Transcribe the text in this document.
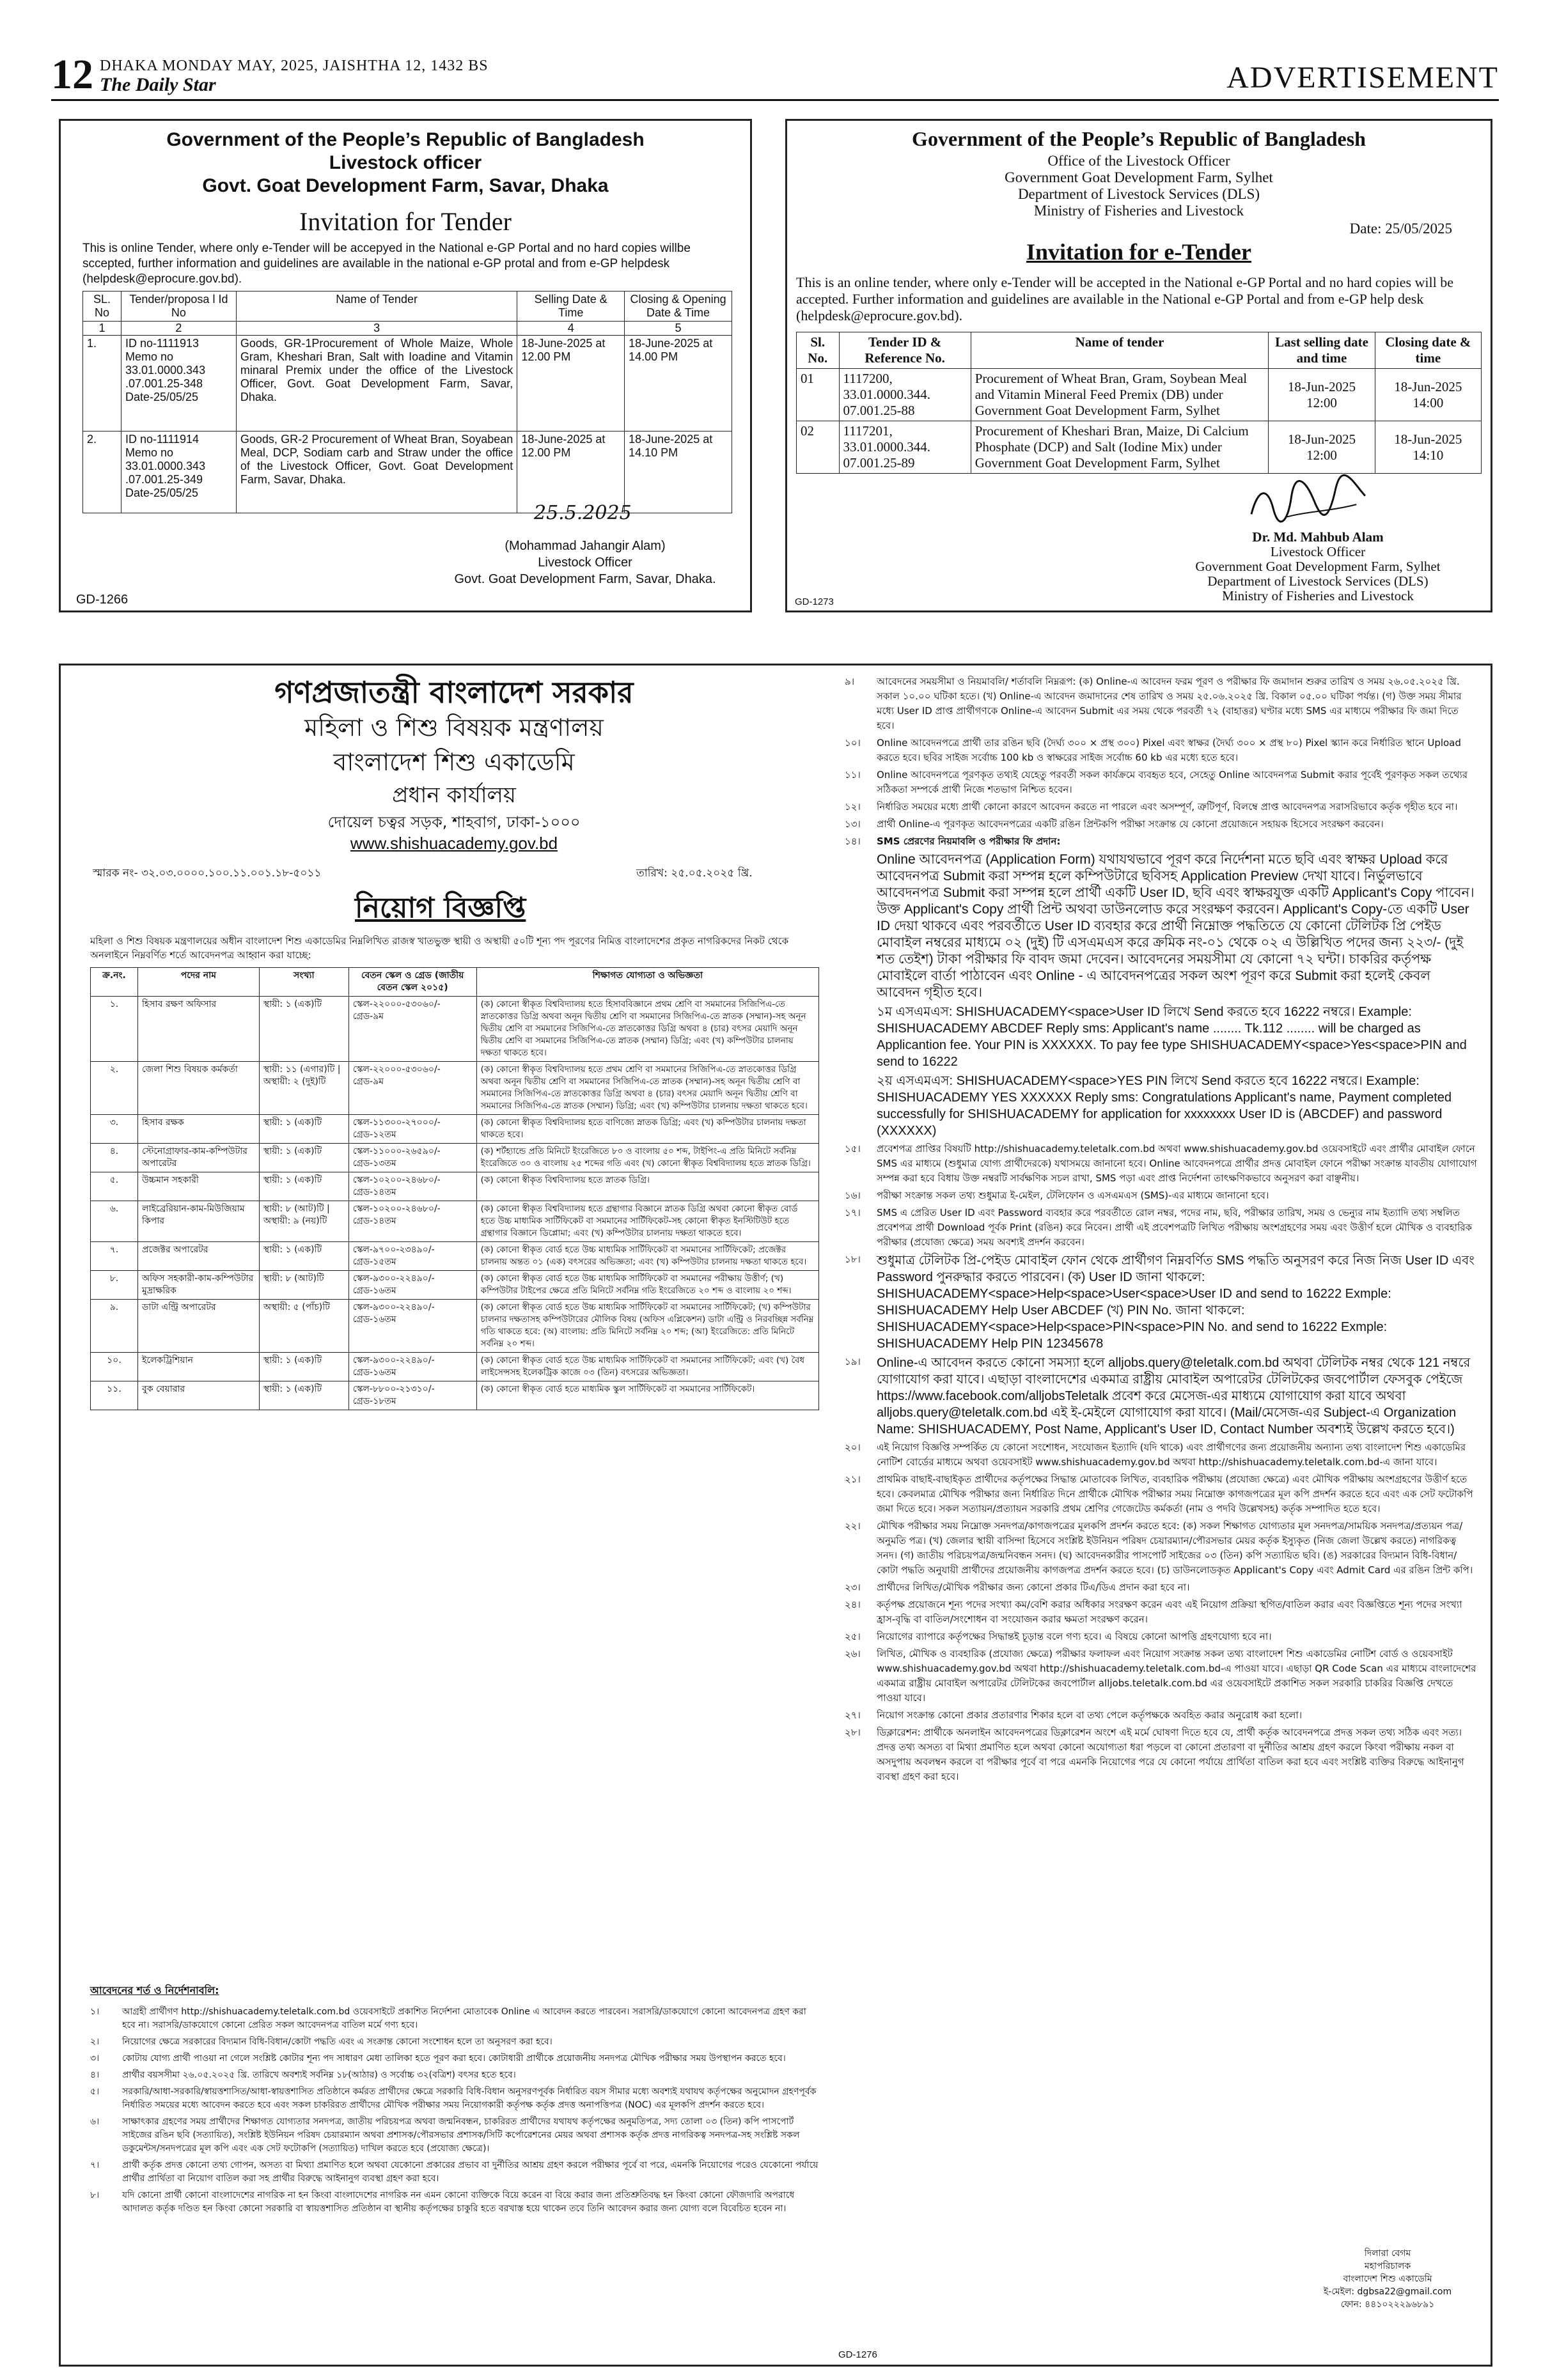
12 DHAKA MONDAY MAY, 2025, JAISHTHA 12, 1432 BS
The Daily Star	ADVERTISEMENT
Government of the People’s Republic of Bangladesh
Livestock officer
Govt. Goat Development Farm, Savar, Dhaka
Invitation for Tender
This is online Tender, where only e-Tender will be accepyed in the National e-GP Portal and no hard copies willbe sccepted, further information and guidelines are available in the national e-GP protal and from e-GP helpdesk (helpdesk@eprocure.gov.bd).
SL. No	Tender/proposa l Id No	Name of Tender	Selling Date & Time	Closing & Opening Date & Time
1	2	3	4	5
1.	ID no-1111913 Memo no 33.01.0000.343 .07.001.25-348 Date-25/05/25	Goods, GR-1Procurement of Whole Maize, Whole Gram, Kheshari Bran, Salt with Ioadine and Vitamin minaral Premix under the office of the Livestock Officer, Govt. Goat Development Farm, Savar, Dhaka.	18-June-2025 at 12.00 PM	18-June-2025 at 14.00 PM
2.	ID no-1111914 Memo no 33.01.0000.343 .07.001.25-349 Date-25/05/25	Goods, GR-2 Procurement of Wheat Bran, Soyabean Meal, DCP, Sodiam carb and Straw under the office of the Livestock Officer, Govt. Goat Development Farm, Savar, Dhaka.	18-June-2025 at 12.00 PM	18-June-2025 at 14.10 PM
25.5.2025
(Mohammad Jahangir Alam)
Livestock Officer
Govt. Goat Development Farm, Savar, Dhaka.
GD-1266
Government of the People’s Republic of Bangladesh
Office of the Livestock Officer
Government Goat Development Farm, Sylhet
Department of Livestock Services (DLS)
Ministry of Fisheries and Livestock
Date: 25/05/2025
Invitation for e-Tender
This is an online tender, where only e-Tender will be accepted in the National e-GP Portal and no hard copies will be accepted. Further information and guidelines are available in the National e-GP Portal and from e-GP help desk (helpdesk@eprocure.gov.bd).
Sl. No.	Tender ID & Reference No.	Name of tender	Last selling date and time	Closing date & time
01	1117200, 33.01.0000.344. 07.001.25-88	Procurement of Wheat Bran, Gram, Soybean Meal and Vitamin Mineral Feed Premix (DB) under Government Goat Development Farm, Sylhet	18-Jun-2025 12:00	18-Jun-2025 14:00
02	1117201, 33.01.0000.344. 07.001.25-89	Procurement of Kheshari Bran, Maize, Di Calcium Phosphate (DCP) and Salt (Iodine Mix) under Government Goat Development Farm, Sylhet	18-Jun-2025 12:00	18-Jun-2025 14:10
Dr. Md. Mahbub Alam
Livestock Officer
Government Goat Development Farm, Sylhet
Department of Livestock Services (DLS)
Ministry of Fisheries and Livestock
GD-1273
গণপ্রজাতন্ত্রী বাংলাদেশ সরকার
মহিলা ও শিশু বিষয়ক মন্ত্রণালয়
বাংলাদেশ শিশু একাডেমি
প্রধান কার্যালয়
দোয়েল চত্বর সড়ক, শাহবাগ, ঢাকা-১০০০
www.shishuacademy.gov.bd
স্মারক নং- ৩২.০৩.০০০০.১০০.১১.০০১.১৮-৫০১১	তারিখ: ২৫.০৫.২০২৫ খ্রি.
নিয়োগ বিজ্ঞপ্তি
মহিলা ও শিশু বিষয়ক মন্ত্রণালয়ের অধীন বাংলাদেশ শিশু একাডেমির নিম্নলিখিত রাজস্ব খাতভুক্ত স্থায়ী ও অস্থায়ী ৫০টি শূন্য পদ পূরণের নিমিত্ত বাংলাদেশের প্রকৃত নাগরিকদের নিকট থেকে অনলাইনে নিম্নবর্ণিত শর্তে আবেদনপত্র আহ্বান করা যাচ্ছে:
ক্র.নং.	পদের নাম	সংখ্যা	বেতন স্কেল ও গ্রেড (জাতীয় বেতন স্কেল ২০১৫)	শিক্ষাগত যোগ্যতা ও অভিজ্ঞতা
১.	হিসাব রক্ষণ অফিসার	স্থায়ী: ১ (এক)টি	স্কেল-২২০০০-৫৩০৬০/- গ্রেড-৯ম	(ক) কোনো স্বীকৃত বিশ্ববিদ্যালয় হতে হিসাববিজ্ঞানে প্রথম শ্রেণি বা সমমানের সিজিপিএ-তে স্নাতকোত্তর ডিগ্রি অথবা অনূন দ্বিতীয় শ্রেণি বা সমমানের সিজিপিএ-তে স্নাতক (সম্মান)-সহ অনূন দ্বিতীয় শ্রেণি বা সমমানের সিজিপিএ-তে স্নাতকোত্তর ডিগ্রি অথবা ৪ (চার) বৎসর মেয়াদি অনূন দ্বিতীয় শ্রেণি বা সমমানের সিজিপিএ-তে স্নাতক (সম্মান) ডিগ্রি; এবং (খ) কম্পিউটার চালনায় দক্ষতা থাকতে হবে।
২.	জেলা শিশু বিষয়ক কর্মকর্তা	স্থায়ী: ১১ (এগার)টি | অস্থায়ী: ২ (দুই)টি	স্কেল-২২০০০-৫৩০৬০/- গ্রেড-৯ম	(ক) কোনো স্বীকৃত বিশ্ববিদ্যালয় হতে প্রথম শ্রেণি বা সমমানের সিজিপিএ-তে স্নাতকোত্তর ডিগ্রি অথবা অনূন দ্বিতীয় শ্রেণি বা সমমানের সিজিপিএ-তে স্নাতক (সম্মান)-সহ অনূন দ্বিতীয় শ্রেণি বা সমমানের সিজিপিএ-তে স্নাতকোত্তর ডিগ্রি অথবা ৪ (চার) বৎসর মেয়াদি অনূন দ্বিতীয় শ্রেণি বা সমমানের সিজিপিএ-তে স্নাতক (সম্মান) ডিগ্রি; এবং (খ) কম্পিউটার চালনায় দক্ষতা থাকতে হবে।
৩.	হিসাব রক্ষক	স্থায়ী: ১ (এক)টি	স্কেল-১১৩০০-২৭০০০/- গ্রেড-১২তম	(ক) কোনো স্বীকৃত বিশ্ববিদ্যালয় হতে বাণিজ্যে স্নাতক ডিগ্রি; এবং (খ) কম্পিউটার চালনায় দক্ষতা থাকতে হবে।
৪.	স্টেনোগ্রাফার-কাম-কম্পিউটার অপারেটর	স্থায়ী: ১ (এক)টি	স্কেল-১১০০০-২৬৫৯০/- গ্রেড-১৩তম	(ক) শর্টহ্যান্ডে প্রতি মিনিটে ইংরেজিতে ৮০ ও বাংলায় ৫০ শব্দ, টাইপিং-এ প্রতি মিনিটে সর্বনিম্ন ইংরেজিতে ৩০ ও বাংলায় ২৫ শব্দের গতি এবং (খ) কোনো স্বীকৃত বিশ্ববিদ্যালয় হতে স্নাতক ডিগ্রি।
৫.	উচ্চমান সহকারী	স্থায়ী: ১ (এক)টি	স্কেল-১০২০০-২৪৬৮০/- গ্রেড-১৪তম	(ক) কোনো স্বীকৃত বিশ্ববিদ্যালয় হতে স্নাতক ডিগ্রি।
৬.	লাইব্রেরিয়ান-কাম-মিউজিয়াম কিপার	স্থায়ী: ৮ (আট)টি | অস্থায়ী: ৯ (নয়)টি	স্কেল-১০২০০-২৪৬৮০/- গ্রেড-১৪তম	(ক) কোনো স্বীকৃত বিশ্ববিদ্যালয় হতে গ্রন্থাগার বিজ্ঞানে স্নাতক ডিগ্রি অথবা কোনো স্বীকৃত বোর্ড হতে উচ্চ মাধ্যমিক সার্টিফিকেট বা সমমানের সার্টিফিকেট-সহ কোনো স্বীকৃত ইনস্টিটিউট হতে গ্রন্থাগার বিজ্ঞানে ডিপ্লোমা; এবং (খ) কম্পিউটার চালনায় দক্ষতা থাকতে হবে।
৭.	প্রজেক্টর অপারেটর	স্থায়ী: ১ (এক)টি	স্কেল-৯৭০০-২৩৪৯০/- গ্রেড-১৫তম	(ক) কোনো স্বীকৃত বোর্ড হতে উচ্চ মাধ্যমিক সার্টিফিকেট বা সমমানের সার্টিফিকেট; প্রজেক্টর চালনায় অন্তত ০১ (এক) বৎসরের অভিজ্ঞতা; এবং (খ) কম্পিউটার চালনায় দক্ষতা থাকতে হবে।
৮.	অফিস সহকারী-কাম-কম্পিউটার মুদ্রাক্ষরিক	স্থায়ী: ৮ (আট)টি	স্কেল-৯৩০০-২২৪৯০/- গ্রেড-১৬তম	(ক) কোনো স্বীকৃত বোর্ড হতে উচ্চ মাধ্যমিক সার্টিফিকেট বা সমমানের পরীক্ষায় উত্তীর্ণ; (খ) কম্পিউটার টাইপের ক্ষেত্রে প্রতি মিনিটে সর্বনিম্ন গতি ইংরেজিতে ২০ শব্দ ও বাংলায় ২০ শব্দ।
৯.	ডাটা এন্ট্রি অপারেটর	অস্থায়ী: ৫ (পাঁচ)টি	স্কেল-৯৩০০-২২৪৯০/- গ্রেড-১৬তম	(ক) কোনো স্বীকৃত বোর্ড হতে উচ্চ মাধ্যমিক সার্টিফিকেট বা সমমানের সার্টিফিকেট; (খ) কম্পিউটার চালনার দক্ষতাসহ কম্পিউটারের মৌলিক বিষয় (অফিস এপ্লিকেশন) ডাটা এন্ট্রি ও নিরবচ্ছিন্ন সর্বনিম্ন গতি থাকতে হবে: (অ) বাংলায়: প্রতি মিনিটে সর্বনিম্ন ২০ শব্দ; (আ) ইংরেজিতে: প্রতি মিনিটে সর্বনিম্ন ২০ শব্দ।
১০.	ইলেকট্রিশিয়ান	স্থায়ী: ১ (এক)টি	স্কেল-৯৩০০-২২৪৯০/- গ্রেড-১৬তম	(ক) কোনো স্বীকৃত বোর্ড হতে উচ্চ মাধ্যমিক সার্টিফিকেট বা সমমানের সার্টিফিকেট; এবং (খ) বৈধ লাইসেন্সসহ ইলেকট্রিক কাজে ০৩ (তিন) বৎসরের অভিজ্ঞতা।
১১.	বুক বেয়ারার	স্থায়ী: ১ (এক)টি	স্কেল-৮৮০০-২১৩১০/- গ্রেড-১৮তম	(ক) কোনো স্বীকৃত বোর্ড হতে মাধ্যমিক স্কুল সার্টিফিকেট বা সমমানের সার্টিফিকেট।
আবেদনের শর্ত ও নির্দেশনাবলি:
১।	আগ্রহী প্রার্থীগণ http://shishuacademy.teletalk.com.bd ওয়েবসাইটে প্রকাশিত নির্দেশনা মোতাবেক Online এ আবেদন করতে পারবেন। সরাসরি/ডাকযোগে কোনো আবেদনপত্র গ্রহণ করা হবে না। সরাসরি/ডাকযোগে কোনো প্রেরিত সকল আবেদনপত্র বাতিল মর্মে গণ্য হবে।
২।	নিয়োগের ক্ষেত্রে সরকারের বিদ্যমান বিধি-বিধান/কোটা পদ্ধতি এবং এ সংক্রান্ত কোনো সংশোধন হলে তা অনুসরণ করা হবে।
৩।	কোটায় যোগ্য প্রার্থী পাওয়া না গেলে সংশ্লিষ্ট কোটার শূন্য পদ সাধারণ মেধা তালিকা হতে পূরণ করা হবে। কোটাধারী প্রার্থীকে প্রয়োজনীয় সনদপত্র মৌখিক পরীক্ষার সময় উপস্থাপন করতে হবে।
৪।	প্রার্থীর বয়সসীমা ২৬.০৫.২০২৫ খ্রি. তারিখে অবশ্যই সর্বনিম্ন ১৮(আঠার) ও সর্বোচ্চ ৩২(বত্রিশ) বৎসর হতে হবে।
৫।	সরকারি/আধা-সরকারি/স্বায়ত্তশাসিত/আধা-স্বায়ত্তশাসিত প্রতিষ্ঠানে কর্মরত প্রার্থীদের ক্ষেত্রে সরকারি বিধি-বিধান অনুসরণপূর্বক নির্ধারিত বয়স সীমার মধ্যে অবশ্যই যথাযথ কর্তৃপক্ষের অনুমোদন গ্রহণপূর্বক নির্ধারিত সময়ের মধ্যে আবেদন করতে হবে এবং সকল চাকরিরত প্রার্থীদের মৌখিক পরীক্ষার সময় নিয়োগকারী কর্তৃপক্ষ কর্তৃক প্রদত্ত অনাপত্তিপত্র (NOC) এর মূলকপি প্রদর্শন করতে হবে।
৬।	সাক্ষাৎকার গ্রহণের সময় প্রার্থীদের শিক্ষাগত যোগ্যতার সনদপত্র, জাতীয় পরিচয়পত্র অথবা জন্মনিবন্ধন, চাকরিরত প্রার্থীদের যথাযথ কর্তৃপক্ষের অনুমতিপত্র, সদ্য তোলা ০৩ (তিন) কপি পাসপোর্ট সাইজের রঙিন ছবি (সত্যায়িত), সংশ্লিষ্ট ইউনিয়ন পরিষদ চেয়ারম্যান অথবা প্রশাসক/পৌরসভার প্রশাসক/সিটি কর্পোরেশনের মেয়র অথবা প্রশাসক কর্তৃক প্রদত্ত নাগরিকত্ব সনদপত্র-সহ সংশ্লিষ্ট সকল ডকুমেন্টস/সনদপত্রের মূল কপি এবং এক সেট ফটোকপি (সত্যায়িত) দাখিল করতে হবে (প্রযোজ্য ক্ষেত্রে)।
৭।	প্রার্থী কর্তৃক প্রদত্ত কোনো তথ্য গোপন, অসত্য বা মিথ্যা প্রমাণিত হলে অথবা যেকোনো প্রকারের প্রভাব বা দুর্নীতির আশ্রয় গ্রহণ করলে পরীক্ষার পূর্বে বা পরে, এমনকি নিয়োগের পরেও যেকোনো পর্যায়ে প্রার্থীর প্রার্থিতা বা নিয়োগ বাতিল করা সহ প্রার্থীর বিরুদ্ধে আইনানুগ ব্যবস্থা গ্রহণ করা হবে।
৮।	যদি কোনো প্রার্থী কোনো বাংলাদেশের নাগরিক না হন কিংবা বাংলাদেশের নাগরিক নন এমন কোনো ব্যক্তিকে বিয়ে করেন বা বিয়ে করার জন্য প্রতিশ্রুতিবদ্ধ হন কিংবা কোনো ফৌজদারি অপরাধে আদালত কর্তৃক দণ্ডিত হন কিংবা কোনো সরকারি বা স্বায়ত্তশাসিত প্রতিষ্ঠান বা স্থানীয় কর্তৃপক্ষের চাকুরি হতে বরখাস্ত হয়ে থাকেন তবে তিনি আবেদন করার জন্য যোগ্য বলে বিবেচিত হবেন না।
৯।	আবেদনের সময়সীমা ও নিয়মাবলি/ শর্তাবলি নিম্নরূপ: (ক) Online-এ আবেদন ফরম পূরণ ও পরীক্ষার ফি জমাদান শুরুর তারিখ ও সময় ২৬.০৫.২০২৫ খ্রি. সকাল ১০.০০ ঘটিকা হতে। (খ) Online-এ আবেদন জমাদানের শেষ তারিখ ও সময় ২৫.০৬.২০২৫ খ্রি. বিকাল ০৫.০০ ঘটিকা পর্যন্ত। (গ) উক্ত সময় সীমার মধ্যে User ID প্রাপ্ত প্রার্থীগণকে Online-এ আবেদন Submit এর সময় থেকে পরবর্তী ৭২ (বাহাত্তর) ঘণ্টার মধ্যে SMS এর মাধ্যমে পরীক্ষার ফি জমা দিতে হবে।
১০।	Online আবেদনপত্রে প্রার্থী তার রঙিন ছবি (দৈর্ঘ্য ৩০০ × প্রস্থ ৩০০) Pixel এবং স্বাক্ষর (দৈর্ঘ্য ৩০০ × প্রস্থ ৮০) Pixel স্ক্যান করে নির্ধারিত স্থানে Upload করতে হবে। ছবির সাইজ সর্বোচ্চ 100 kb ও স্বাক্ষরের সাইজ সর্বোচ্চ 60 kb এর মধ্যে হতে হবে।
১১।	Online আবেদনপত্রে পূরণকৃত তথ্যই যেহেতু পরবর্তী সকল কার্যক্রমে ব্যবহৃত হবে, সেহেতু Online আবেদনপত্র Submit করার পূর্বেই পূরণকৃত সকল তথ্যের সঠিকতা সম্পর্কে প্রার্থী নিজে শতভাগ নিশ্চিত হবেন।
১২।	নির্ধারিত সময়ের মধ্যে প্রার্থী কোনো কারণে আবেদন করতে না পারলে এবং অসম্পূর্ণ, ত্রুটিপূর্ণ, বিলম্বে প্রাপ্ত আবেদনপত্র সরাসরিভাবে কর্তৃক গৃহীত হবে না।
১৩।	প্রার্থী Online-এ পূরণকৃত আবেদনপত্রের একটি রঙিন প্রিন্টকপি পরীক্ষা সংক্রান্ত যে কোনো প্রয়োজনে সহায়ক হিসেবে সংরক্ষণ করবেন।
১৪।	SMS প্রেরণের নিয়মাবলি ও পরীক্ষার ফি প্রদান:
Online আবেদনপত্র (Application Form) যথাযথভাবে পূরণ করে নির্দেশনা মতে ছবি এবং স্বাক্ষর Upload করে আবেদনপত্র Submit করা সম্পন্ন হলে কম্পিউটারে ছবিসহ Application Preview দেখা যাবে। নির্ভুলভাবে আবেদনপত্র Submit করা সম্পন্ন হলে প্রার্থী একটি User ID, ছবি এবং স্বাক্ষরযুক্ত একটি Applicant's Copy পাবেন। উক্ত Applicant's Copy প্রার্থী প্রিন্ট অথবা ডাউনলোড করে সংরক্ষণ করবেন। Applicant's Copy-তে একটি User ID দেয়া থাকবে এবং পরবর্তীতে User ID ব্যবহার করে প্রার্থী নিম্নোক্ত পদ্ধতিতে যে কোনো টেলিটক প্রি পেইড মোবাইল নম্বরের মাধ্যমে ০২ (দুই) টি এসএমএস করে ক্রমিক নং-০১ থেকে ০২ এ উল্লিখিত পদের জন্য ২২৩/- (দুই শত তেইশ) টাকা পরীক্ষার ফি বাবদ জমা দেবেন। আবেদনের সময়সীমা যে কোনো ৭২ ঘন্টা। চাকরির কর্তৃপক্ষ মোবাইলে বার্তা পাঠাবেন এবং Online - এ আবেদনপত্রের সকল অংশ পূরণ করে Submit করা হলেই কেবল আবেদন গৃহীত হবে।
১ম এসএমএস: SHISHUACADEMY<space>User ID লিখে Send করতে হবে 16222 নম্বরে। Example: SHISHUACADEMY ABCDEF Reply sms: Applicant's name ........ Tk.112 ........ will be charged as Applicantion fee. Your PIN is XXXXXX. To pay fee type SHISHUACADEMY<space>Yes<space>PIN and send to 16222
২য় এসএমএস: SHISHUACADEMY<space>YES PIN লিখে Send করতে হবে 16222 নম্বরে। Example: SHISHUACADEMY YES XXXXXX Reply sms: Congratulations Applicant's name, Payment completed successfully for SHISHUACADEMY for application for xxxxxxxx User ID is (ABCDEF) and password (XXXXXX)
১৫।	প্রবেশপত্র প্রাপ্তির বিষয়টি http://shishuacademy.teletalk.com.bd অথবা www.shishuacademy.gov.bd ওয়েবসাইটে এবং প্রার্থীর মোবাইল ফোনে SMS এর মাধ্যমে (শুধুমাত্র যোগ্য প্রার্থীদেরকে) যথাসময়ে জানানো হবে। Online আবেদনপত্রে প্রার্থীর প্রদত্ত মোবাইল ফোনে পরীক্ষা সংক্রান্ত যাবতীয় যোগাযোগ সম্পন্ন করা হবে বিধায় উক্ত নম্বরটি সার্বক্ষণিক সচল রাখা, SMS পড়া এবং প্রাপ্ত নির্দেশনা তাৎক্ষণিকভাবে অনুসরণ করা বাঞ্ছনীয়।
১৬।	পরীক্ষা সংক্রান্ত সকল তথ্য শুধুমাত্র ই-মেইল, টেলিফোন ও এসএমএস (SMS)-এর মাধ্যমে জানানো হবে।
১৭।	SMS এ প্রেরিত User ID এবং Password ব্যবহার করে পরবর্তীতে রোল নম্বর, পদের নাম, ছবি, পরীক্ষার তারিখ, সময় ও ভেন্যুর নাম ইত্যাদি তথ্য সম্বলিত প্রবেশপত্র প্রার্থী Download পূর্বক Print (রঙিন) করে নিবেন। প্রার্থী এই প্রবেশপত্রটি লিখিত পরীক্ষায় অংশগ্রহণের সময় এবং উত্তীর্ণ হলে মৌখিক ও ব্যবহারিক পরীক্ষার (প্রযোজ্য ক্ষেত্রে) সময় অবশ্যই প্রদর্শন করবেন।
১৮।	শুধুমাত্র টেলিটক প্রি-পেইড মোবাইল ফোন থেকে প্রার্থীগণ নিম্নবর্ণিত SMS পদ্ধতি অনুসরণ করে নিজ নিজ User ID এবং Password পুনরুদ্ধার করতে পারবেন। (ক) User ID জানা থাকলে: SHISHUACADEMY<space>Help<space>User<space>User ID and send to 16222 Exmple: SHISHUACADEMY Help User ABCDEF (খ) PIN No. জানা থাকলে: SHISHUACADEMY<space>Help<space>PIN<space>PIN No. and send to 16222 Exmple: SHISHUACADEMY Help PIN 12345678
১৯।	Online-এ আবেদন করতে কোনো সমস্যা হলে alljobs.query@teletalk.com.bd অথবা টেলিটক নম্বর থেকে 121 নম্বরে যোগাযোগ করা যাবে। এছাড়া বাংলাদেশের একমাত্র রাষ্ট্রীয় মোবাইল অপারেটর টেলিটকের জবপোর্টাল ফেসবুক পেইজে https://www.facebook.com/alljobsTeletalk প্রবেশ করে মেসেজ-এর মাধ্যমে যোগাযোগ করা যাবে অথবা alljobs.query@teletalk.com.bd এই ই-মেইলে যোগাযোগ করা যাবে। (Mail/মেসেজ-এর Subject-এ Organization Name: SHISHUACADEMY, Post Name, Applicant's User ID, Contact Number অবশ্যই উল্লেখ করতে হবে।)
২০।	এই নিয়োগ বিজ্ঞপ্তি সম্পর্কিত যে কোনো সংশোধন, সংযোজন ইত্যাদি (যদি থাকে) এবং প্রার্থীগণের জন্য প্রয়োজনীয় অন্যান্য তথ্য বাংলাদেশ শিশু একাডেমির নোটিশ বোর্ডের মাধ্যমে অথবা ওয়েবসাইট www.shishuacademy.gov.bd অথবা http://shishuacademy.teletalk.com.bd-এ জানা যাবে।
২১।	প্রাথমিক বাছাই-বাছাইকৃত প্রার্থীদের কর্তৃপক্ষের সিদ্ধান্ত মোতাবেক লিখিত, ব্যবহারিক পরীক্ষায় (প্রযোজ্য ক্ষেত্রে) এবং মৌখিক পরীক্ষায় অংশগ্রহণের উত্তীর্ণ হতে হবে। কেবলমাত্র মৌখিক পরীক্ষার জন্য নির্ধারিত দিনে প্রার্থীকে মৌখিক পরীক্ষার সময় নিম্নোক্ত কাগজপত্রের মূল কপি প্রদর্শন করতে হবে এবং এক সেট ফটোকপি জমা দিতে হবে। সকল সত্যায়ন/প্রত্যায়ন সরকারি প্রথম শ্রেণির গেজেটেড কর্মকর্তা (নাম ও পদবি উল্লেখসহ) কর্তৃক সম্পাদিত হতে হবে।
২২।	মৌখিক পরীক্ষার সময় নিম্নোক্ত সনদপত্র/কাগজপত্রের মূলকপি প্রদর্শন করতে হবে: (ক) সকল শিক্ষাগত যোগ্যতার মূল সনদপত্র/সাময়িক সনদপত্র/প্রত্যয়ন পত্র/অনুমতি পত্র। (খ) জেলার স্থায়ী বাসিন্দা হিসেবে সংশ্লিষ্ট ইউনিয়ন পরিষদ চেয়ারম্যান/পৌরসভার মেয়র কর্তৃক ইস্যুকৃত (নিজ জেলা উল্লেখ করতে) নাগরিকত্ব সনদ। (গ) জাতীয় পরিচয়পত্র/জন্মনিবন্ধন সনদ। (ঘ) আবেদনকারীর পাসপোর্ট সাইজের ০৩ (তিন) কপি সত্যায়িত ছবি। (ঙ) সরকারের বিদ্যমান বিধি-বিধান/কোটা পদ্ধতি অনুযায়ী প্রার্থীদের প্রয়োজনীয় কাগজপত্র প্রদর্শন করতে হবে। (চ) ডাউনলোডকৃত Applicant's Copy এবং Admit Card এর রঙিন প্রিন্ট কপি।
২৩।	প্রার্থীদের লিখিত/মৌখিক পরীক্ষার জন্য কোনো প্রকার টিএ/ডিএ প্রদান করা হবে না।
২৪।	কর্তৃপক্ষ প্রয়োজনে শূন্য পদের সংখ্যা কম/বেশি করার অধিকার সংরক্ষণ করেন এবং এই নিয়োগ প্রক্রিয়া স্থগিত/বাতিল করার এবং বিজ্ঞপ্তিতে শূন্য পদের সংখ্যা হ্রাস-বৃদ্ধি বা বাতিল/সংশোধন বা সংযোজন করার ক্ষমতা সংরক্ষণ করেন।
২৫।	নিয়োগের ব্যাপারে কর্তৃপক্ষের সিদ্ধান্তই চূড়ান্ত বলে গণ্য হবে। এ বিষয়ে কোনো আপত্তি গ্রহণযোগ্য হবে না।
২৬।	লিখিত, মৌখিক ও ব্যবহারিক (প্রযোজ্য ক্ষেত্রে) পরীক্ষার ফলাফল এবং নিয়োগ সংক্রান্ত সকল তথ্য বাংলাদেশ শিশু একাডেমির নোটিশ বোর্ড ও ওয়েবসাইট www.shishuacademy.gov.bd অথবা http://shishuacademy.teletalk.com.bd-এ পাওয়া যাবে। এছাড়া QR Code Scan এর মাধ্যমে বাংলাদেশের একমাত্র রাষ্ট্রীয় মোবাইল অপারেটর টেলিটকের জবপোর্টাল alljobs.teletalk.com.bd এর ওয়েবসাইটে প্রকাশিত সকল সরকারি চাকরির বিজ্ঞপ্তি দেখতে পাওয়া যাবে।
২৭।	নিয়োগ সংক্রান্ত কোনো প্রকার প্রতারণার শিকার হলে বা তথ্য পেলে কর্তৃপক্ষকে অবহিত করার অনুরোধ করা হলো।
২৮।	ডিক্লারেশন: প্রার্থীকে অনলাইন আবেদনপত্রের ডিক্লারেশন অংশে এই মর্মে ঘোষণা দিতে হবে যে, প্রার্থী কর্তৃক আবেদনপত্রে প্রদত্ত সকল তথ্য সঠিক এবং সত্য। প্রদত্ত তথ্য অসত্য বা মিথ্যা প্রমাণিত হলে অথবা কোনো অযোগ্যতা ধরা পড়লে বা কোনো প্রতারণা বা দুর্নীতির আশ্রয় গ্রহণ করলে কিংবা পরীক্ষায় নকল বা অসদুপায় অবলম্বন করলে বা পরীক্ষার পূর্বে বা পরে এমনকি নিয়োগের পরে যে কোনো পর্যায়ে প্রার্থিতা বাতিল করা হবে এবং সংশ্লিষ্ট ব্যক্তির বিরুদ্ধে আইনানুগ ব্যবস্থা গ্রহণ করা হবে।
দিলারা বেগম
মহাপরিচালক
বাংলাদেশ শিশু একাডেমি
ই-মেইল: dgbsa22@gmail.com
ফোন: ৪৪১০২২২৯৬৮৯১
GD-1276
